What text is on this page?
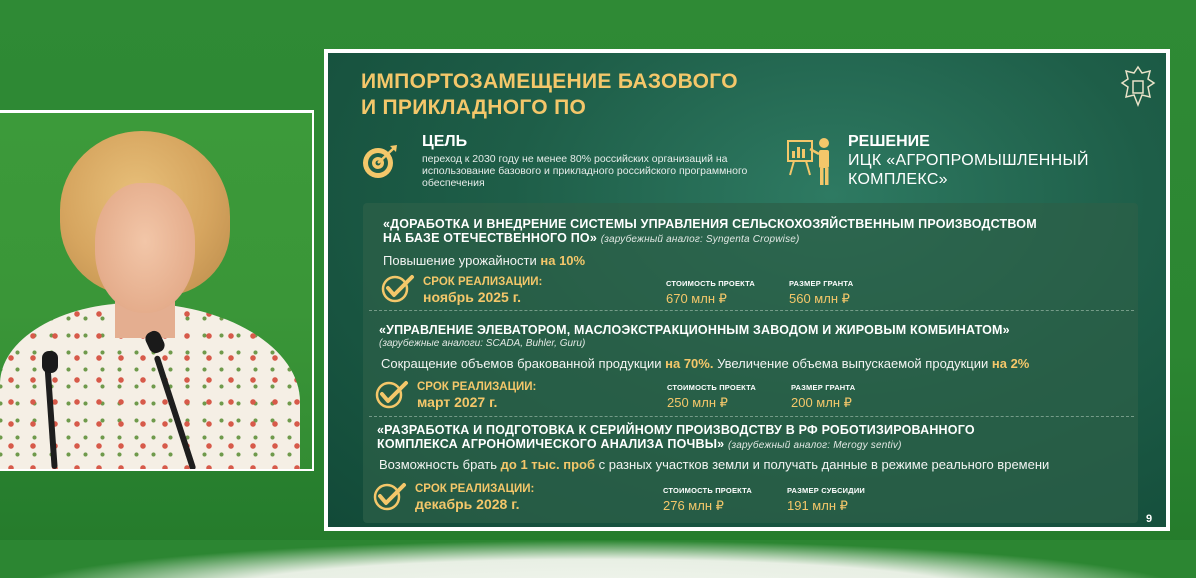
ИМПОРТОЗАМЕЩЕНИЕ БАЗОВОГО
И ПРИКЛАДНОГО ПО
ЦЕЛЬ
переход к 2030 году не менее 80% российских организаций на использование базового и прикладного российского программного обеспечения
РЕШЕНИЕ
ИЦК «АГРОПРОМЫШЛЕННЫЙ КОМПЛЕКС»
«ДОРАБОТКА И ВНЕДРЕНИЕ СИСТЕМЫ УПРАВЛЕНИЯ СЕЛЬСКОХОЗЯЙСТВЕННЫМ ПРОИЗВОДСТВОМ
НА БАЗЕ ОТЕЧЕСТВЕННОГО ПО» (зарубежный аналог: Syngenta Cropwise)
Повышение урожайности на 10%
СРОК РЕАЛИЗАЦИИ:
ноябрь 2025 г.
СТОИМОСТЬ ПРОЕКТА
670 млн ₽
РАЗМЕР ГРАНТА
560 млн ₽
«УПРАВЛЕНИЕ ЭЛЕВАТОРОМ, МАСЛОЭКСТРАКЦИОННЫМ ЗАВОДОМ И ЖИРОВЫМ КОМБИНАТОМ»
(зарубежные аналоги: SCADA, Buhler, Guru)
Сокращение объемов бракованной продукции на 70%. Увеличение объема выпускаемой продукции на 2%
СРОК РЕАЛИЗАЦИИ:
март 2027 г.
СТОИМОСТЬ ПРОЕКТА
250 млн ₽
РАЗМЕР ГРАНТА
200 млн ₽
«РАЗРАБОТКА И ПОДГОТОВКА К СЕРИЙНОМУ ПРОИЗВОДСТВУ В РФ РОБОТИЗИРОВАННОГО
КОМПЛЕКСА АГРОНОМИЧЕСКОГО АНАЛИЗА ПОЧВЫ» (зарубежный аналог: Merogy sentiv)
Возможность брать до 1 тыс. проб с разных участков земли и получать данные в режиме реального времени
СРОК РЕАЛИЗАЦИИ:
декабрь 2028 г.
СТОИМОСТЬ ПРОЕКТА
276 млн ₽
РАЗМЕР СУБСИДИИ
191 млн ₽
9
